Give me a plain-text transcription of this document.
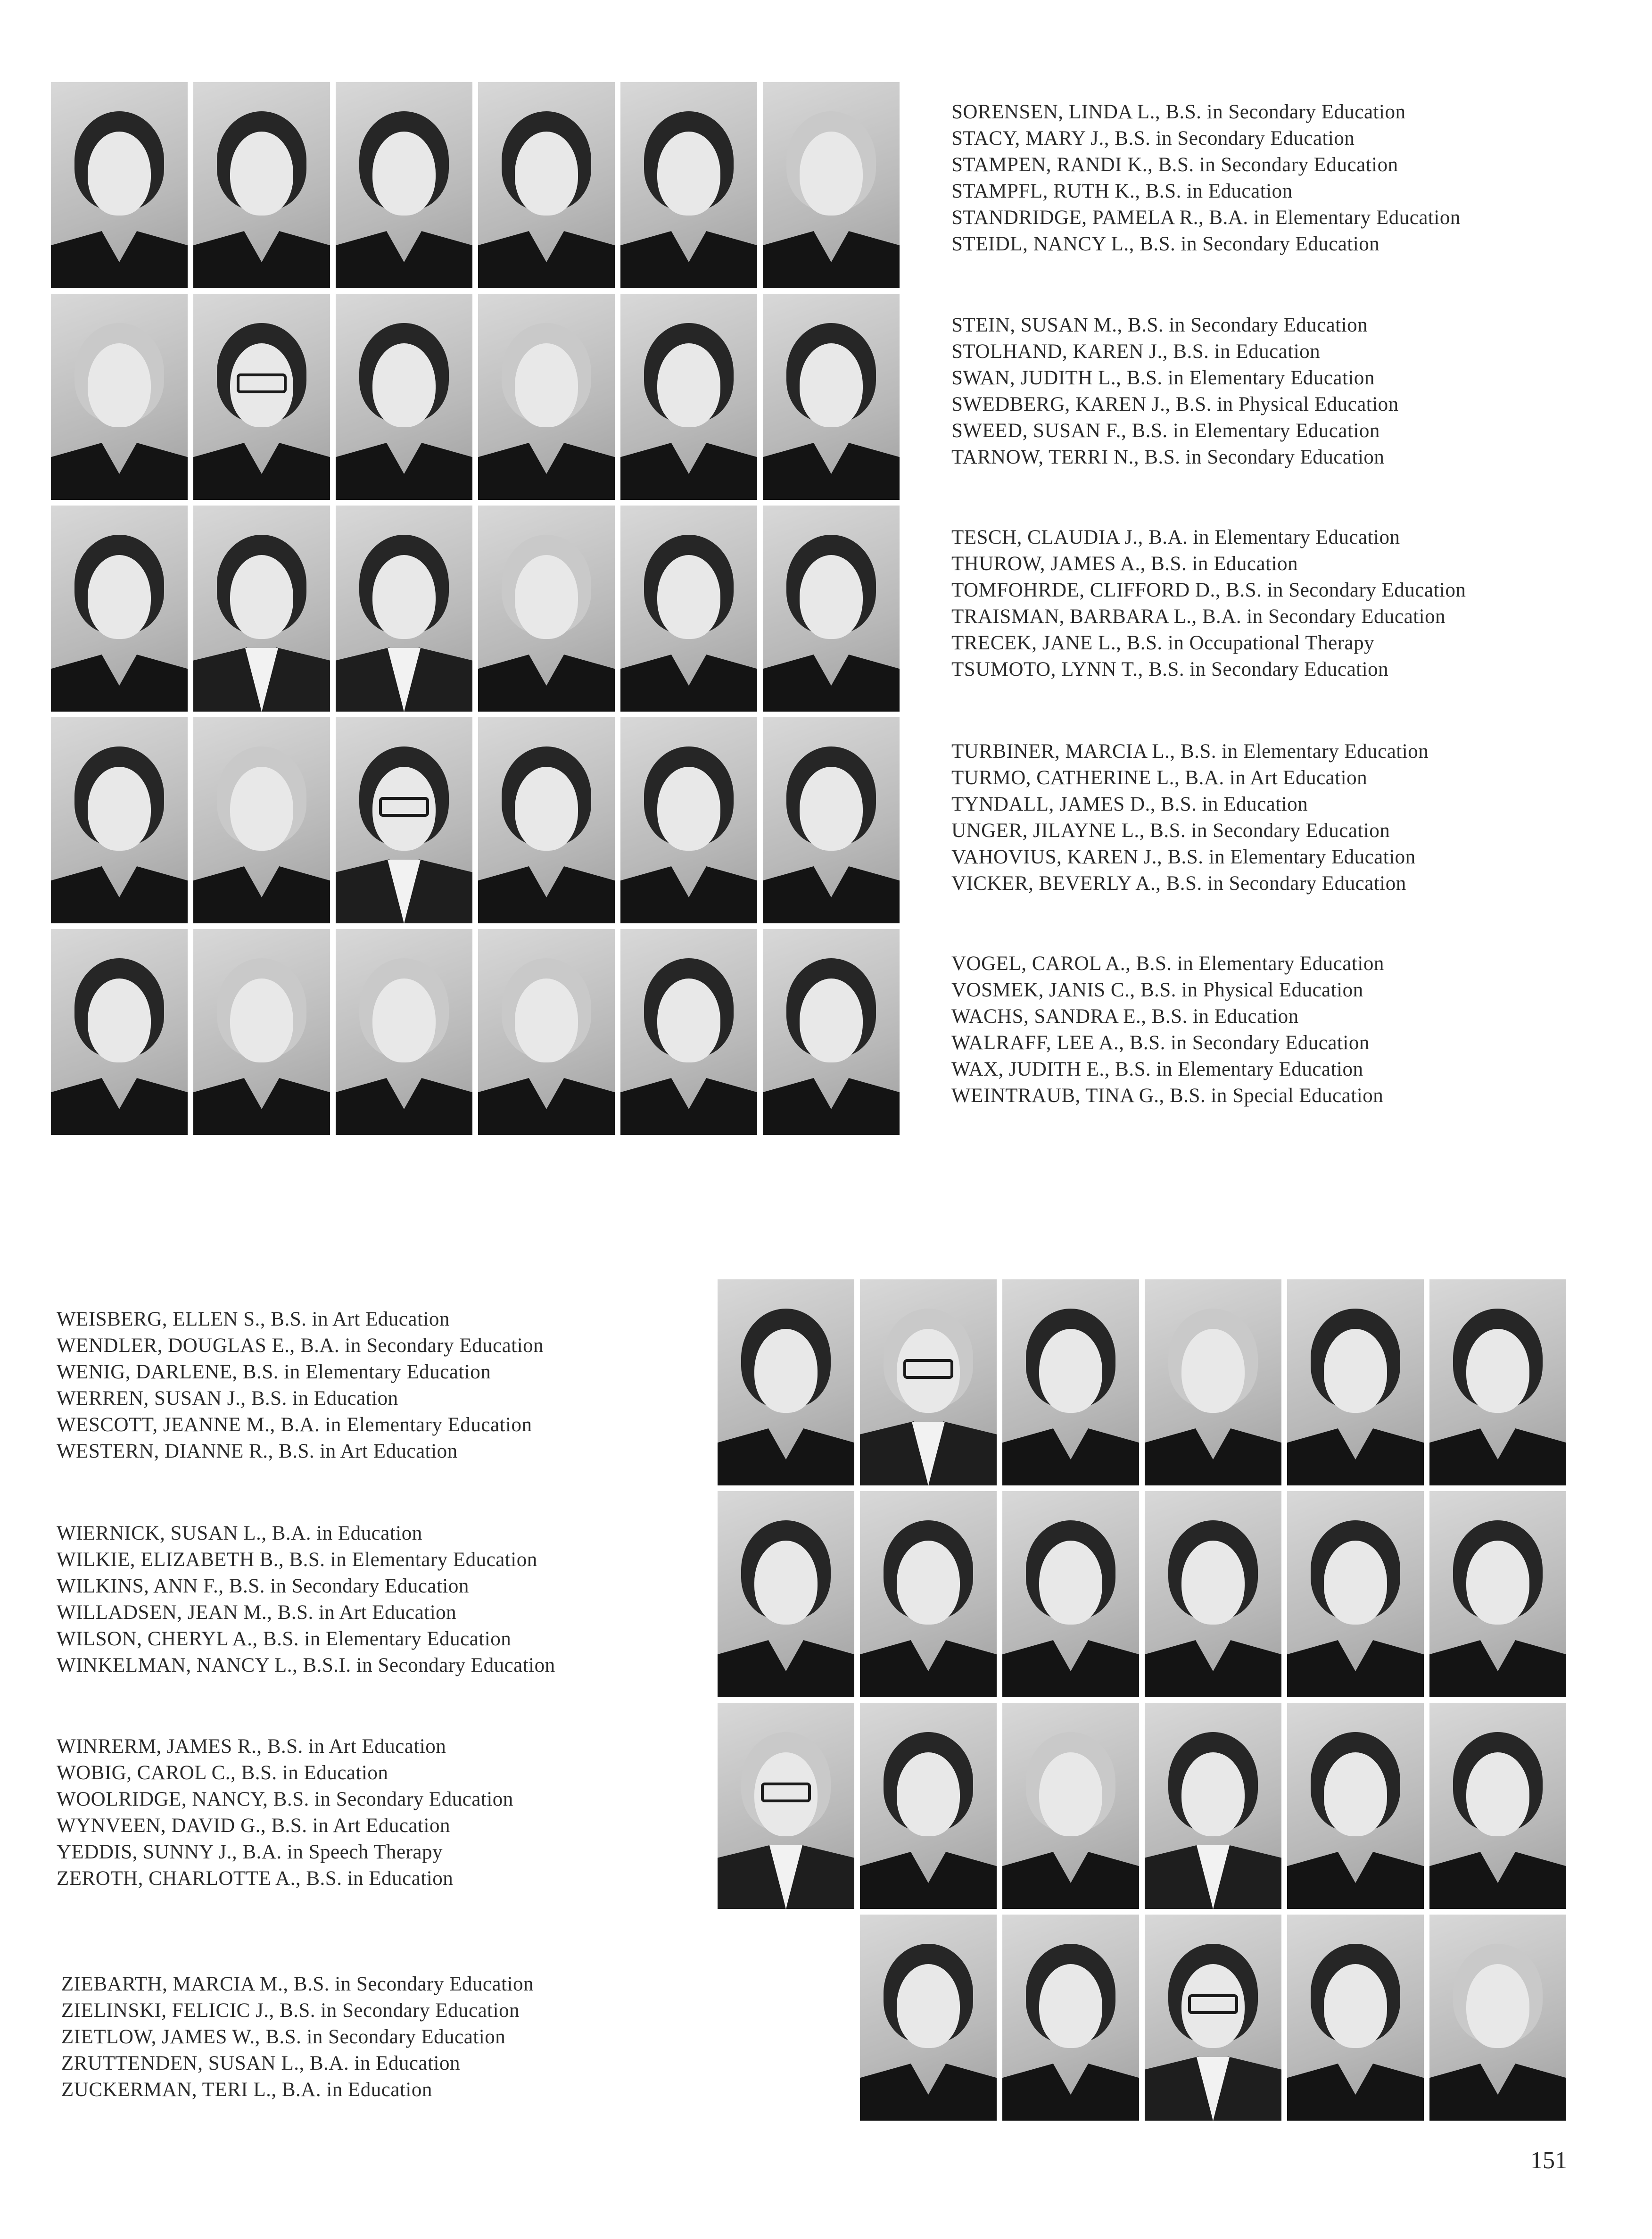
SORENSEN, LINDA L., B.S. in Secondary Education
STACY, MARY J., B.S. in Secondary Education
STAMPEN, RANDI K., B.S. in Secondary Education
STAMPFL, RUTH K., B.S. in Education
STANDRIDGE, PAMELA R., B.A. in Elementary Education
STEIDL, NANCY L., B.S. in Secondary Education
STEIN, SUSAN M., B.S. in Secondary Education
STOLHAND, KAREN J., B.S. in Education
SWAN, JUDITH L., B.S. in Elementary Education
SWEDBERG, KAREN J., B.S. in Physical Education
SWEED, SUSAN F., B.S. in Elementary Education
TARNOW, TERRI N., B.S. in Secondary Education
TESCH, CLAUDIA J., B.A. in Elementary Education
THUROW, JAMES A., B.S. in Education
TOMFOHRDE, CLIFFORD D., B.S. in Secondary Education
TRAISMAN, BARBARA L., B.A. in Secondary Education
TRECEK, JANE L., B.S. in Occupational Therapy
TSUMOTO, LYNN T., B.S. in Secondary Education
TURBINER, MARCIA L., B.S. in Elementary Education
TURMO, CATHERINE L., B.A. in Art Education
TYNDALL, JAMES D., B.S. in Education
UNGER, JILAYNE L., B.S. in Secondary Education
VAHOVIUS, KAREN J., B.S. in Elementary Education
VICKER, BEVERLY A., B.S. in Secondary Education
VOGEL, CAROL A., B.S. in Elementary Education
VOSMEK, JANIS C., B.S. in Physical Education
WACHS, SANDRA E., B.S. in Education
WALRAFF, LEE A., B.S. in Secondary Education
WAX, JUDITH E., B.S. in Elementary Education
WEINTRAUB, TINA G., B.S. in Special Education
WEISBERG, ELLEN S., B.S. in Art Education
WENDLER, DOUGLAS E., B.A. in Secondary Education
WENIG, DARLENE, B.S. in Elementary Education
WERREN, SUSAN J., B.S. in Education
WESCOTT, JEANNE M., B.A. in Elementary Education
WESTERN, DIANNE R., B.S. in Art Education
WIERNICK, SUSAN L., B.A. in Education
WILKIE, ELIZABETH B., B.S. in Elementary Education
WILKINS, ANN F., B.S. in Secondary Education
WILLADSEN, JEAN M., B.S. in Art Education
WILSON, CHERYL A., B.S. in Elementary Education
WINKELMAN, NANCY L., B.S.I. in Secondary Education
WINRERM, JAMES R., B.S. in Art Education
WOBIG, CAROL C., B.S. in Education
WOOLRIDGE, NANCY, B.S. in Secondary Education
WYNVEEN, DAVID G., B.S. in Art Education
YEDDIS, SUNNY J., B.A. in Speech Therapy
ZEROTH, CHARLOTTE A., B.S. in Education
ZIEBARTH, MARCIA M., B.S. in Secondary Education
ZIELINSKI, FELICIC J., B.S. in Secondary Education
ZIETLOW, JAMES W., B.S. in Secondary Education
ZRUTTENDEN, SUSAN L., B.A. in Education
ZUCKERMAN, TERI L., B.A. in Education
151
